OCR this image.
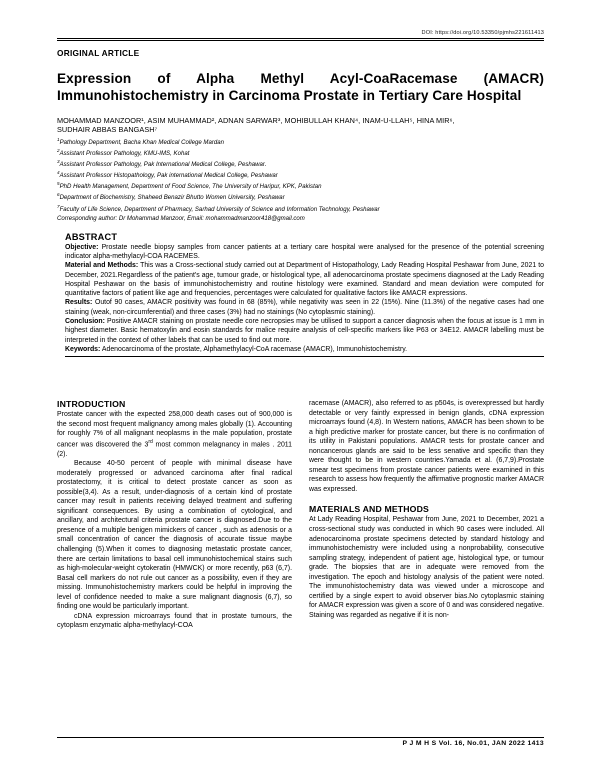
DOI: https://doi.org/10.53350/pjmhs221611413
ORIGINAL ARTICLE
Expression of Alpha Methyl Acyl-CoaRacemase (AMACR)
Immunohistochemistry in Carcinoma Prostate in Tertiary Care Hospital
MOHAMMAD MANZOOR¹, ASIM MUHAMMAD², ADNAN SARWAR³, MOHIBULLAH KHAN⁴, INAM-U-LLAH⁵, HINA MIR⁶,
SUDHAIR ABBAS BANGASH⁷
$^1$Pathology Department, Bacha Khan Medical College Mardan
$^2$Assistant Professor Pathology, KMU-IMS, Kohat
$^3$Assistant Professor Pathology, Pak International Medical College, Peshawar.
$^4$Assistant Professor Histopathology, Pak international Medical College, Peshawar
$^5$PhD Health Management, Department of Food Science, The University of Haripur, KPK, Pakistan
$^6$Department of Biochemistry, Shaheed Benazir Bhutto Women University, Peshawar
$^7$Faculty of Life Science, Department of Pharmacy, Sarhad University of Science and Information Technology, Peshawar
Corresponding author: Dr Mohammad Manzoor, Email: mohammadmanzoor418@gmail.com
ABSTRACT

Objective: Prostate needle biopsy samples from cancer patients at a tertiary care hospital were analysed for the presence of the potential screening indicator alpha-methylacyl-COA RACEMES.

Material and Methods: This was a Cross-sectional study carried out at Department of Histopathology, Lady Reading Hospital Peshawar from June, 2021 to December, 2021.Regardless of the patient's age, tumour grade, or histological type, all adenocarcinoma prostate specimens diagnosed at the Lady Reading Hospital Peshawar on the basis of immunohistochemistry and routine histology were examined. Standard and mean deviation were computed for quantitative factors of patient like age and frequencies, percentages were calculated for qualitative factors like AMACR expressions.

Results: Outof 90 cases, AMACR positivity was found in 68 (85%), while negativity was seen in 22 (15%). Nine (11.3%) of the negative cases had one staining (weak, non-circumferential) and three cases (3%) had no stainings (No cytoplasmic staining).

Conclusion: Positive AMACR staining on prostate needle core necropsies may be utilised to support a cancer diagnosis when the focus at issue is 1 mm in highest diameter. Basic hematoxylin and eosin standards for malice require analysis of cell-specific markers like P63 or 34E12. AMACR labelling must be interpreted in the context of other labels that can be used to find out more.

Keywords: Adenocarcinoma of the prostate, Alphamethylacyl-CoA racemase (AMACR), Immunohistochemistry.

INTRODUCTION

Prostate cancer with the expected 258,000 death cases out of 900,000 is the second most frequent malignancy among males globally (1). Accounting for roughly 7% of all malignant neoplasms in the male population, prostate cancer was discovered the 3rd most common melagnancy in males . 2011 (2).

Because 40-50 percent of people with minimal disease have moderately progressed or advanced carcinoma after final radical prostatectomy, it is critical to detect prostate cancer as soon as possible(3,4). As a result, under-diagnosis of a certain kind of prostate cancer may result in patients receiving delayed treatment and suffering significant consequences. By using a combination of cytological, and ancillary, and architectural criteria prostate cancer is diagnosed.Due to the presence of a multiple benigen mimickers of cancer , such as adenosis or a small concentration of cancer the diagnosis of accurate tissue maybe challenging (5).When it comes to diagnosing metastatic prostate cancer, there are certain limitations to basal cell immunohistochemical stains such as high-molecular-weight cytokeratin (HMWCK) or more recently, p63 (6,7). Basal cell markers do not rule out cancer as a possibility, even if they are missing. Immunohistochemistry markers could be helpful in improving the level of confidence needed to make a sure malignant diagnosis (6,7), so finding one would be particularly important.

cDNA expression microarrays found that in prostate tumours, the cytoplasm enzymatic alpha-methylacyl-COA

racemase (AMACR), also referred to as p504s, is overexpressed but hardly detectable or very faintly expressed in benign glands, cDNA expression microarrays found (4,8). In Western nations, AMACR has been shown to be a high predictive marker for prostate cancer, but there is no confirmation of its utility in Pakistani populations. AMACR tests for prostate cancer and noncancerous glands are said to be less senative and specific than they were thought to be in western countries.Yamada et al. (6,7,9).Prostate smear test specimens from prostate cancer patients were examined in this research to assess how frequently the affirmative prognostic marker AMACR was expressed.

MATERIALS AND METHODS

At Lady Reading Hospital, Peshawar from June, 2021 to December, 2021 a cross-sectional study was conducted in which 90 cases were included. All adenocarcinoma prostate specimens detected by standard histology and immunohistochemistry were included using a nonprobability, consecutive sampling strategy, independent of patient age, histological type, or tumour grade. The biopsies that are in adequate were removed from the investigation. The epoch and histology analysis of the patient were noted. The immunohistochemistry data was viewed under a microscope and certified by a single expert to avoid observer bias.No cytoplasmic staining for AMACR expression was given a score of 0 and was considered negative. Staining was regarded as negative if it is non-

P J M H S Vol. 16, No.01, JAN 2022 1413
